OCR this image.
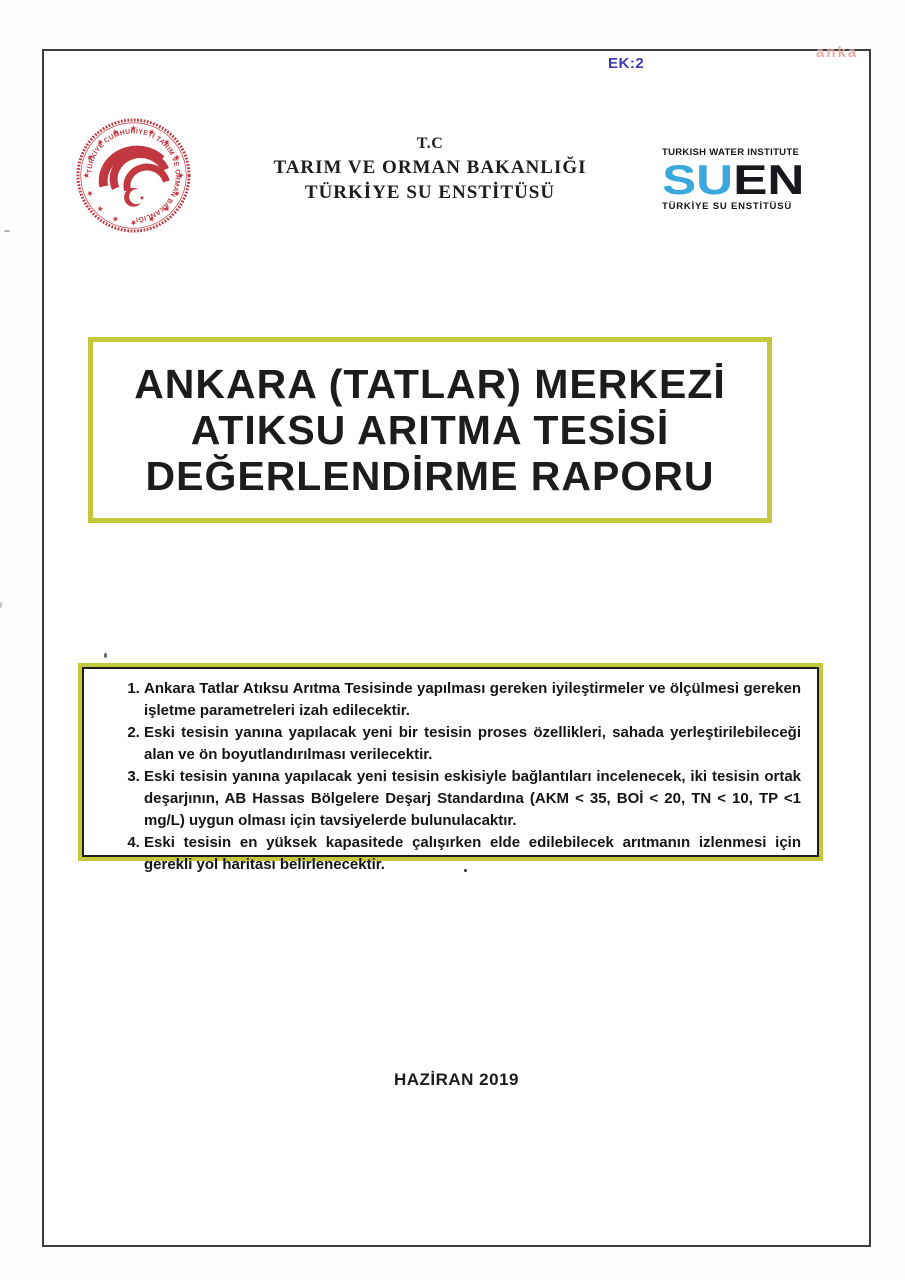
EK:2
anka
TÜRKİYE CUMHURİYETİ TARIM VE ORMAN BAKANLIĞI
T.C
TARIM VE ORMAN BAKANLIĞI
TÜRKİYE SU ENSTİTÜSÜ
TURKISH WATER INSTITUTE
SUEN
TÜRKİYE SU ENSTİTÜSÜ
ANKARA (TATLAR) MERKEZİ
ATIKSU ARITMA TESİSİ
DEĞERLENDİRME RAPORU
1. Ankara Tatlar Atıksu Arıtma Tesisinde yapılması gereken iyileştirmeler ve ölçülmesi gereken işletme parametreleri izah edilecektir.
2. Eski tesisin yanına yapılacak yeni bir tesisin proses özellikleri, sahada yerleştirilebileceği alan ve ön boyutlandırılması verilecektir.
3. Eski tesisin yanına yapılacak yeni tesisin eskisiyle bağlantıları incelenecek, iki tesisin ortak deşarjının, AB Hassas Bölgelere Deşarj Standardına (AKM < 35, BOİ < 20, TN < 10, TP <1 mg/L) uygun olması için tavsiyelerde bulunulacaktır.
4. Eski tesisin en yüksek kapasitede çalışırken elde edilebilecek arıtmanın izlenmesi için gerekli yol haritası belirlenecektir.
HAZİRAN 2019
